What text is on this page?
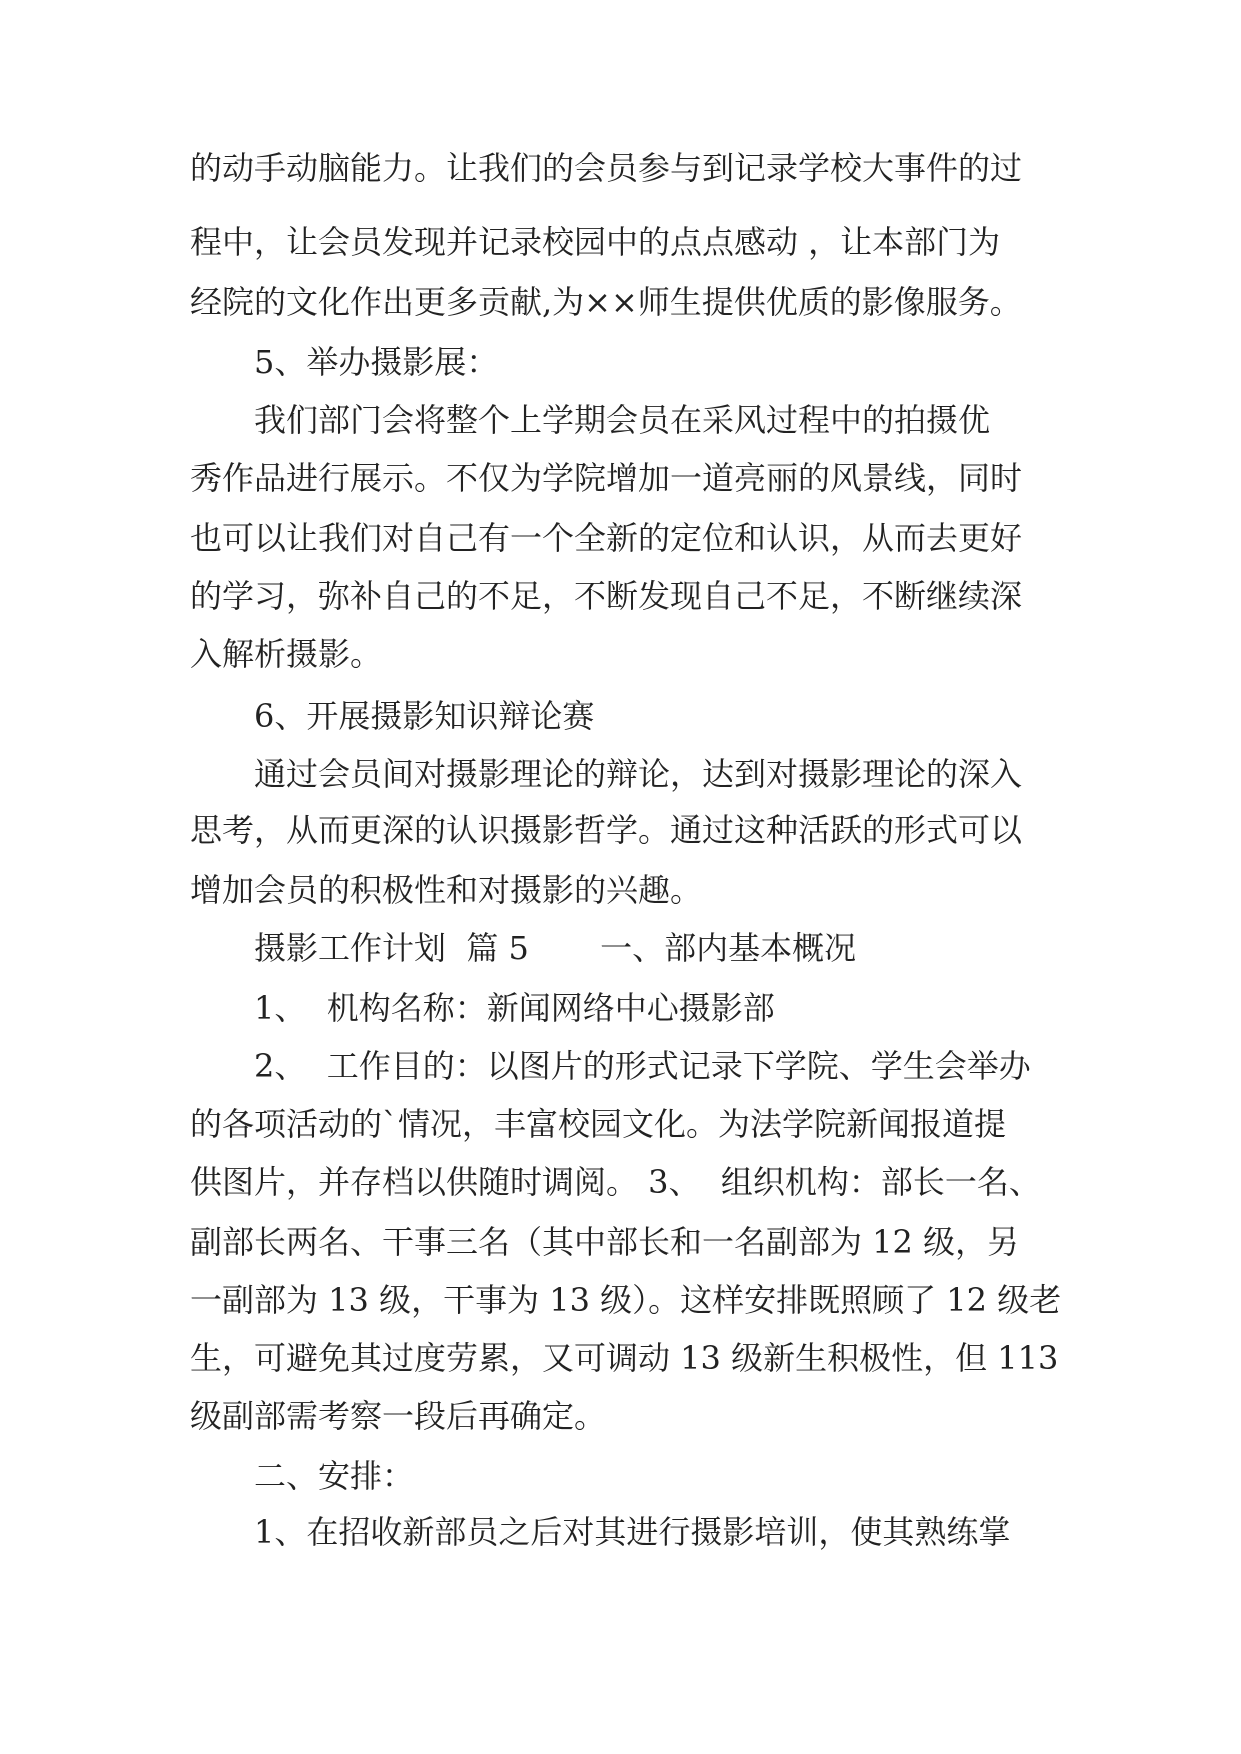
的动手动脑能力。让我们的会员参与到记录学校大事件的过
程中，让会员发现并记录校园中的点点感动 ，让本部门为
经院的文化作出更多贡献,为××师生提供优质的影像服务。
5、举办摄影展：
我们部门会将整个上学期会员在采风过程中的拍摄优
秀作品进行展示。不仅为学院增加一道亮丽的风景线，同时
也可以让我们对自己有一个全新的定位和认识，从而去更好
的学习，弥补自己的不足，不断发现自己不足，不断继续深
入解析摄影。
6、开展摄影知识辩论赛
通过会员间对摄影理论的辩论，达到对摄影理论的深入
思考，从而更深的认识摄影哲学。通过这种活跃的形式可以
增加会员的积极性和对摄影的兴趣。
摄影工作计划  篇 5       一、部内基本概况
1、  机构名称：新闻网络中心摄影部
2、  工作目的：以图片的形式记录下学院、学生会举办
的各项活动的`情况，丰富校园文化。为法学院新闻报道提
供图片，并存档以供随时调阅。 3、  组织机构：部长一名、
副部长两名、干事三名（其中部长和一名副部为 12 级，另
一副部为 13 级，干事为 13 级）。这样安排既照顾了 12 级老
生，可避免其过度劳累，又可调动 13 级新生积极性，但 113
级副部需考察一段后再确定。
二、安排：
1、在招收新部员之后对其进行摄影培训，使其熟练掌
